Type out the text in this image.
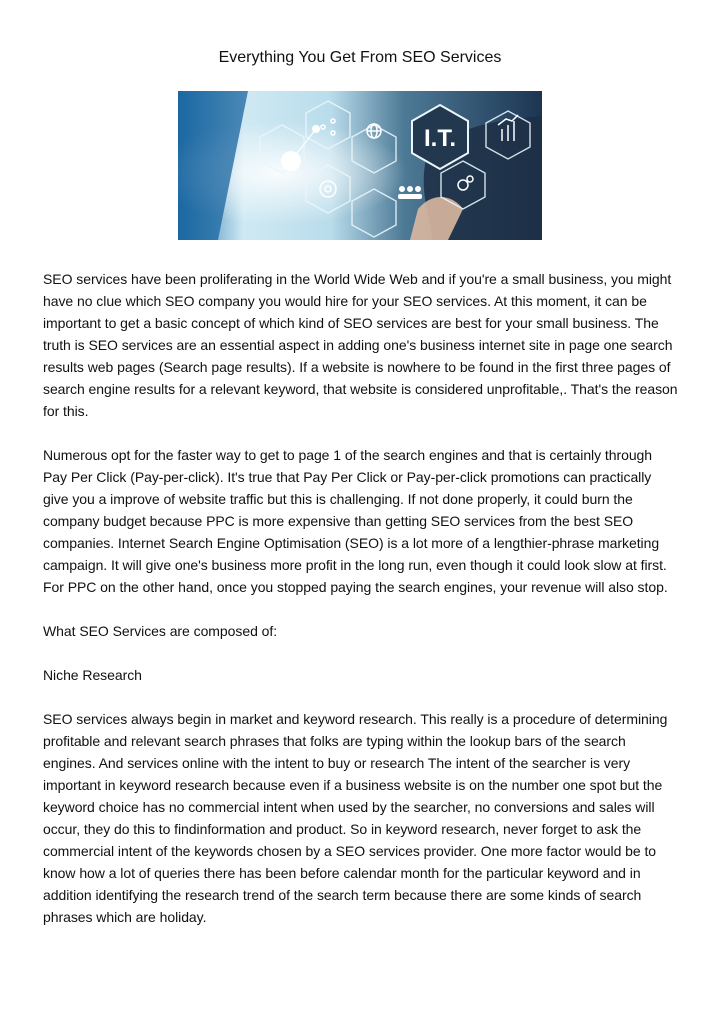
Everything You Get From SEO Services
I.T.

SEO services have been proliferating in the World Wide Web and if you're a small business, you might have no clue which SEO company you would hire for your SEO services. At this moment, it can be important to get a basic concept of which kind of SEO services are best for your small business. The truth is SEO services are an essential aspect in adding one's business internet site in page one search results web pages (Search page results). If a website is nowhere to be found in the first three pages of search engine results for a relevant keyword, that website is considered unprofitable,. That's the reason for this.

Numerous opt for the faster way to get to page 1 of the search engines and that is certainly through Pay Per Click (Pay-per-click). It's true that Pay Per Click or Pay-per-click promotions can practically give you a improve of website traffic but this is challenging. If not done properly, it could burn the company budget because PPC is more expensive than getting SEO services from the best SEO companies. Internet Search Engine Optimisation (SEO) is a lot more of a lengthier-phrase marketing campaign. It will give one's business more profit in the long run, even though it could look slow at first. For PPC on the other hand, once you stopped paying the search engines, your revenue will also stop.

What SEO Services are composed of:

Niche Research

SEO services always begin in market and keyword research. This really is a procedure of determining profitable and relevant search phrases that folks are typing within the lookup bars of the search engines. And services online with the intent to buy or research The intent of the searcher is very important in keyword research because even if a business website is on the number one spot but the keyword choice has no commercial intent when used by the searcher, no conversions and sales will occur, they do this to findinformation and product. So in keyword research, never forget to ask the commercial intent of the keywords chosen by a SEO services provider. One more factor would be to know how a lot of queries there has been before calendar month for the particular keyword and in addition identifying the research trend of the search term because there are some kinds of search phrases which are holiday.
